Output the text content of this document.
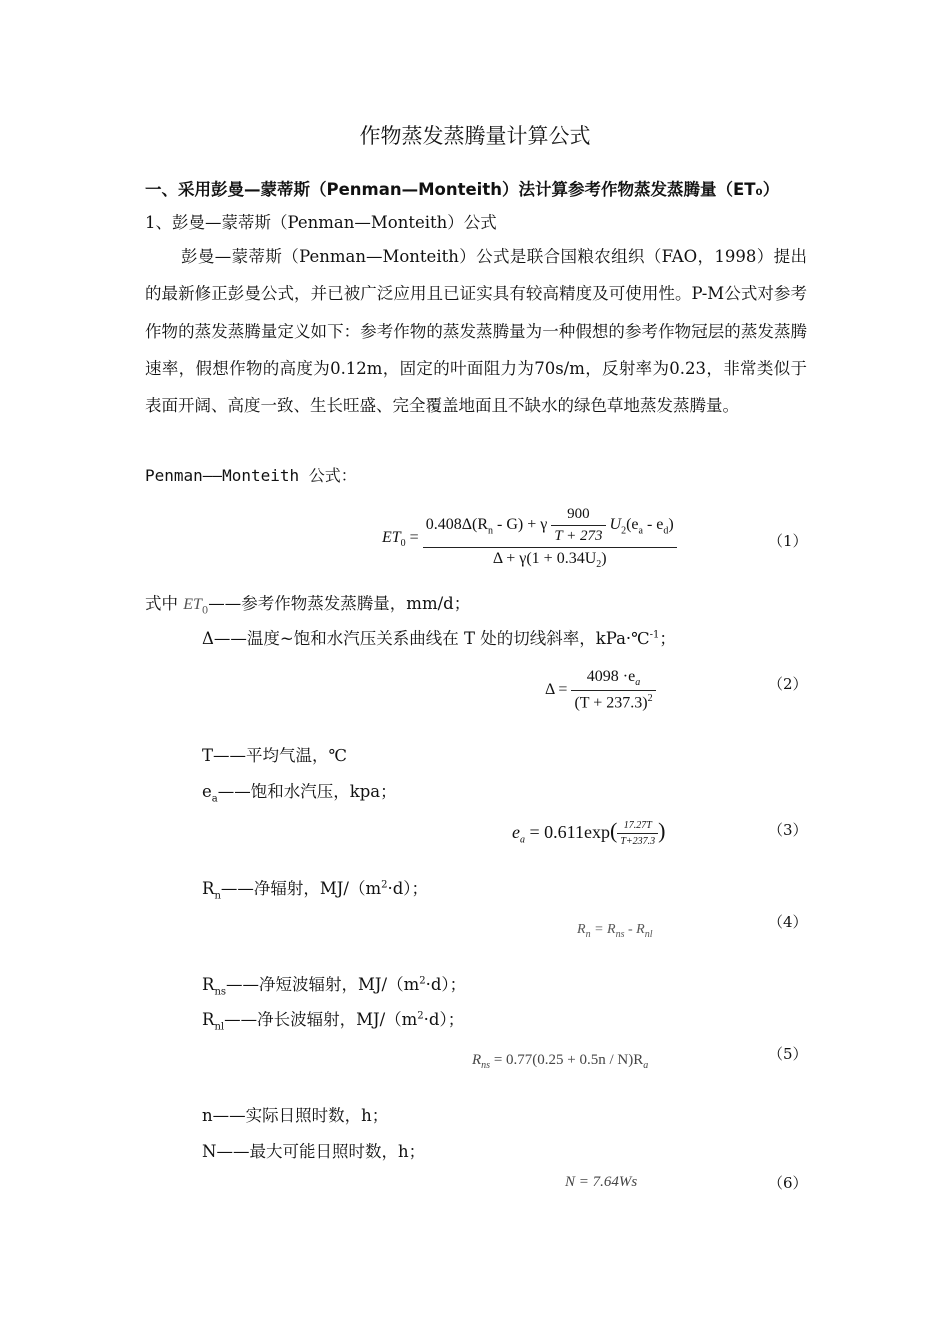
作物蒸发蒸腾量计算公式
一、采用彭曼—蒙蒂斯（Penman—Monteith）法计算参考作物蒸发蒸腾量（ET₀）
1、彭曼—蒙蒂斯（Penman—Monteith）公式

彭曼—蒙蒂斯（Penman—Monteith）公式是联合国粮农组织（FAO，1998）提出的最新修正彭曼公式，并已被广泛应用且已证实具有较高精度及可使用性。P-M公式对参考作物的蒸发蒸腾量定义如下：参考作物的蒸发蒸腾量为一种假想的参考作物冠层的蒸发蒸腾速率，假想作物的高度为0.12m，固定的叶面阻力为70s/m，反射率为0.23，非常类似于表面开阔、高度一致、生长旺盛、完全覆盖地面且不缺水的绿色草地蒸发蒸腾量。

Penman——Monteith 公式：
$ET_0$ =
$0.408\Delta(R_n - G) + \gamma \frac{900}{T + 273} U_2(e_a - e_d)$
$\Delta + \gamma(1 + 0.34U_2)$
（1）
式中 $ET_0——$参考作物蒸发蒸腾量，mm/d；
Δ——温度~饱和水汽压关系曲线在 T 处的切线斜率，kPa·℃$^{-1}$；
$\Delta = \frac{4098 \cdot e_a}{(T + 237.3)^2}$	（2）
T——平均气温，℃
$e_a——$饱和水汽压，kpa；
$e_a = 0.611\exp( \frac{17.27T}{T+237.3}$ )	（3）
$R_n——$净辐射，$MJ/(m^2\cdot d)$；
$R_n = R_{ns} - R_{nl}$
（4）
$R_{ns}——$净短波辐射，$MJ/(m^2\cdot d)$；
$R_{nl}——$净长波辐射，$MJ/(m^2\cdot d)$；
$R_{ns} = 0.77(0.25 + 0.5n / N)R_a$
（5）
n——实际日照时数，h；
N——最大可能日照时数，h；
N = 7.64Ws	（6）
